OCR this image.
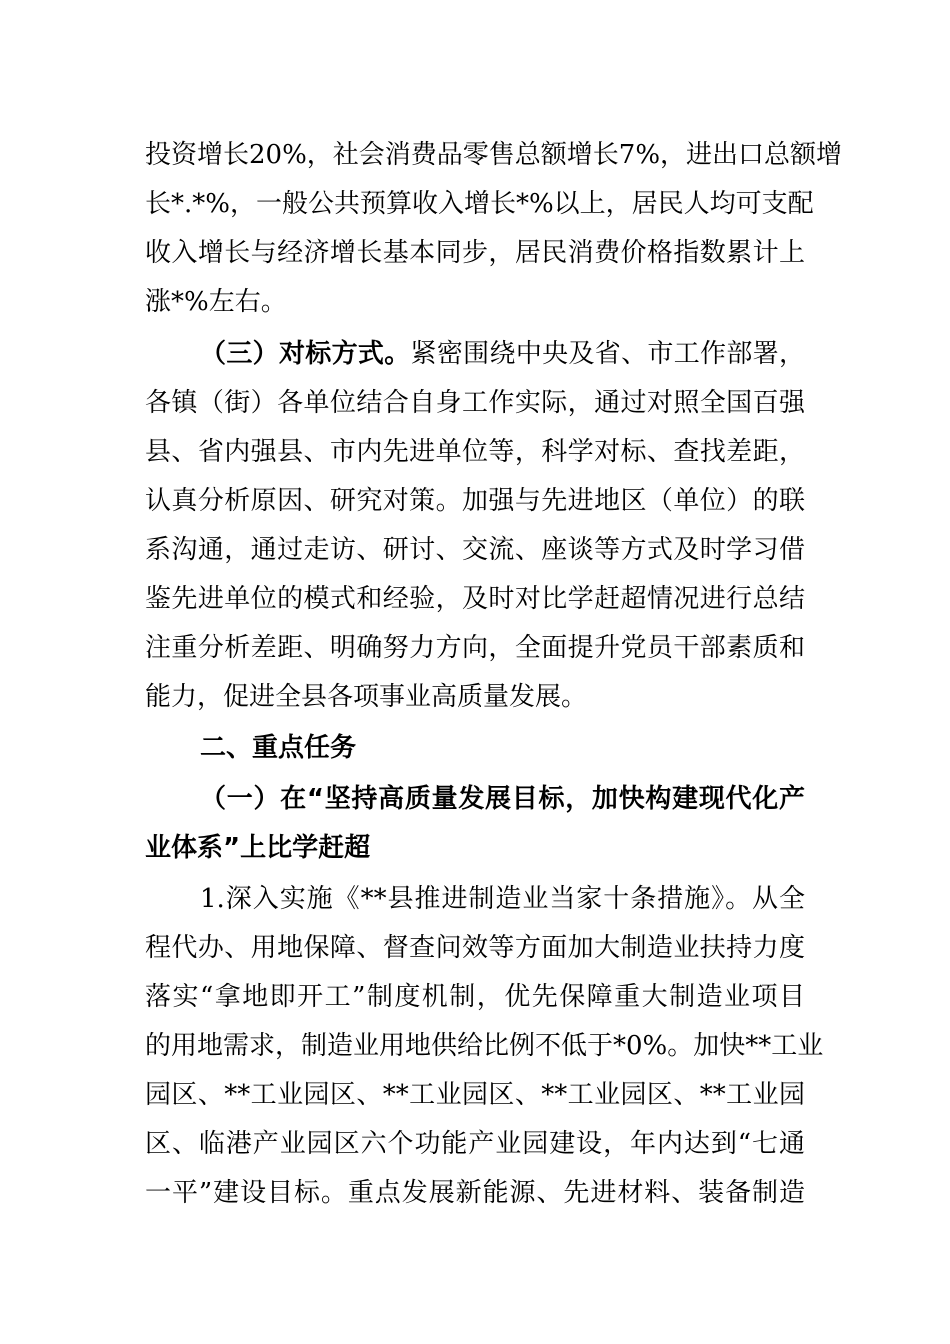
投资增长20%，社会消费品零售总额增长7%，进出口总额增
长*.*%，一般公共预算收入增长*%以上，居民人均可支配
收入增长与经济增长基本同步，居民消费价格指数累计上
涨*%左右。
（三）对标方式。紧密围绕中央及省、市工作部署，
各镇（街）各单位结合自身工作实际，通过对照全国百强
县、省内强县、市内先进单位等，科学对标、查找差距，
认真分析原因、研究对策。加强与先进地区（单位）的联
系沟通，通过走访、研讨、交流、座谈等方式及时学习借
鉴先进单位的模式和经验，及时对比学赶超情况进行总结
注重分析差距、明确努力方向，全面提升党员干部素质和
能力，促进全县各项事业高质量发展。
二、重点任务
（一）在“坚持高质量发展目标，加快构建现代化产
业体系”上比学赶超
1.深入实施《**县推进制造业当家十条措施》。从全
程代办、用地保障、督查问效等方面加大制造业扶持力度
落实“拿地即开工”制度机制，优先保障重大制造业项目
的用地需求，制造业用地供给比例不低于*0%。加快**工业
园区、**工业园区、**工业园区、**工业园区、**工业园
区、临港产业园区六个功能产业园建设，年内达到“七通
一平”建设目标。重点发展新能源、先进材料、装备制造
